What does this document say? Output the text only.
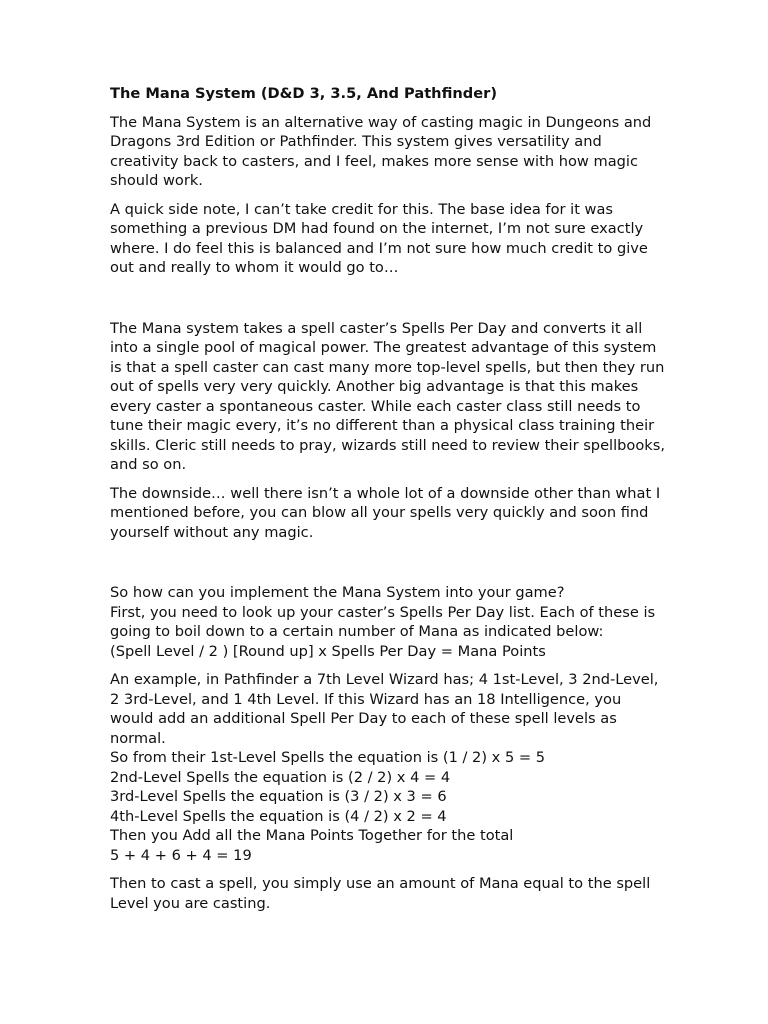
The Mana System (D&D 3, 3.5, And Pathfinder)
The Mana System is an alternative way of casting magic in Dungeons and Dragons 3rd Edition or Pathfinder. This system gives versatility and creativity back to casters, and I feel, makes more sense with how magic should work.
A quick side note, I can’t take credit for this. The base idea for it was something a previous DM had found on the internet, I’m not sure exactly where. I do feel this is balanced and I’m not sure how much credit to give out and really to whom it would go to…
The Mana system takes a spell caster’s Spells Per Day and converts it all into a single pool of magical power. The greatest advantage of this system is that a spell caster can cast many more top-level spells, but then they run out of spells very very quickly. Another big advantage is that this makes every caster a spontaneous caster. While each caster class still needs to tune their magic every, it’s no different than a physical class training their skills. Cleric still needs to pray, wizards still need to review their spellbooks, and so on.
The downside… well there isn’t a whole lot of a downside other than what I mentioned before, you can blow all your spells very quickly and soon find yourself without any magic.
So how can you implement the Mana System into your game?
First, you need to look up your caster’s Spells Per Day list. Each of these is going to boil down to a certain number of Mana as indicated below:
(Spell Level / 2 ) [Round up] x Spells Per Day = Mana Points
An example, in Pathfinder a 7th Level Wizard has; 4 1st-Level, 3 2nd-Level, 2 3rd-Level, and 1 4th Level. If this Wizard has an 18 Intelligence, you would add an additional Spell Per Day to each of these spell levels as normal.
So from their 1st-Level Spells the equation is (1 / 2) x 5 = 5
2nd-Level Spells the equation is (2 / 2) x 4 = 4
3rd-Level Spells the equation is (3 / 2) x 3 = 6
4th-Level Spells the equation is (4 / 2) x 2 = 4
Then you Add all the Mana Points Together for the total
5 + 4 + 6 + 4 = 19
Then to cast a spell, you simply use an amount of Mana equal to the spell Level you are casting.
